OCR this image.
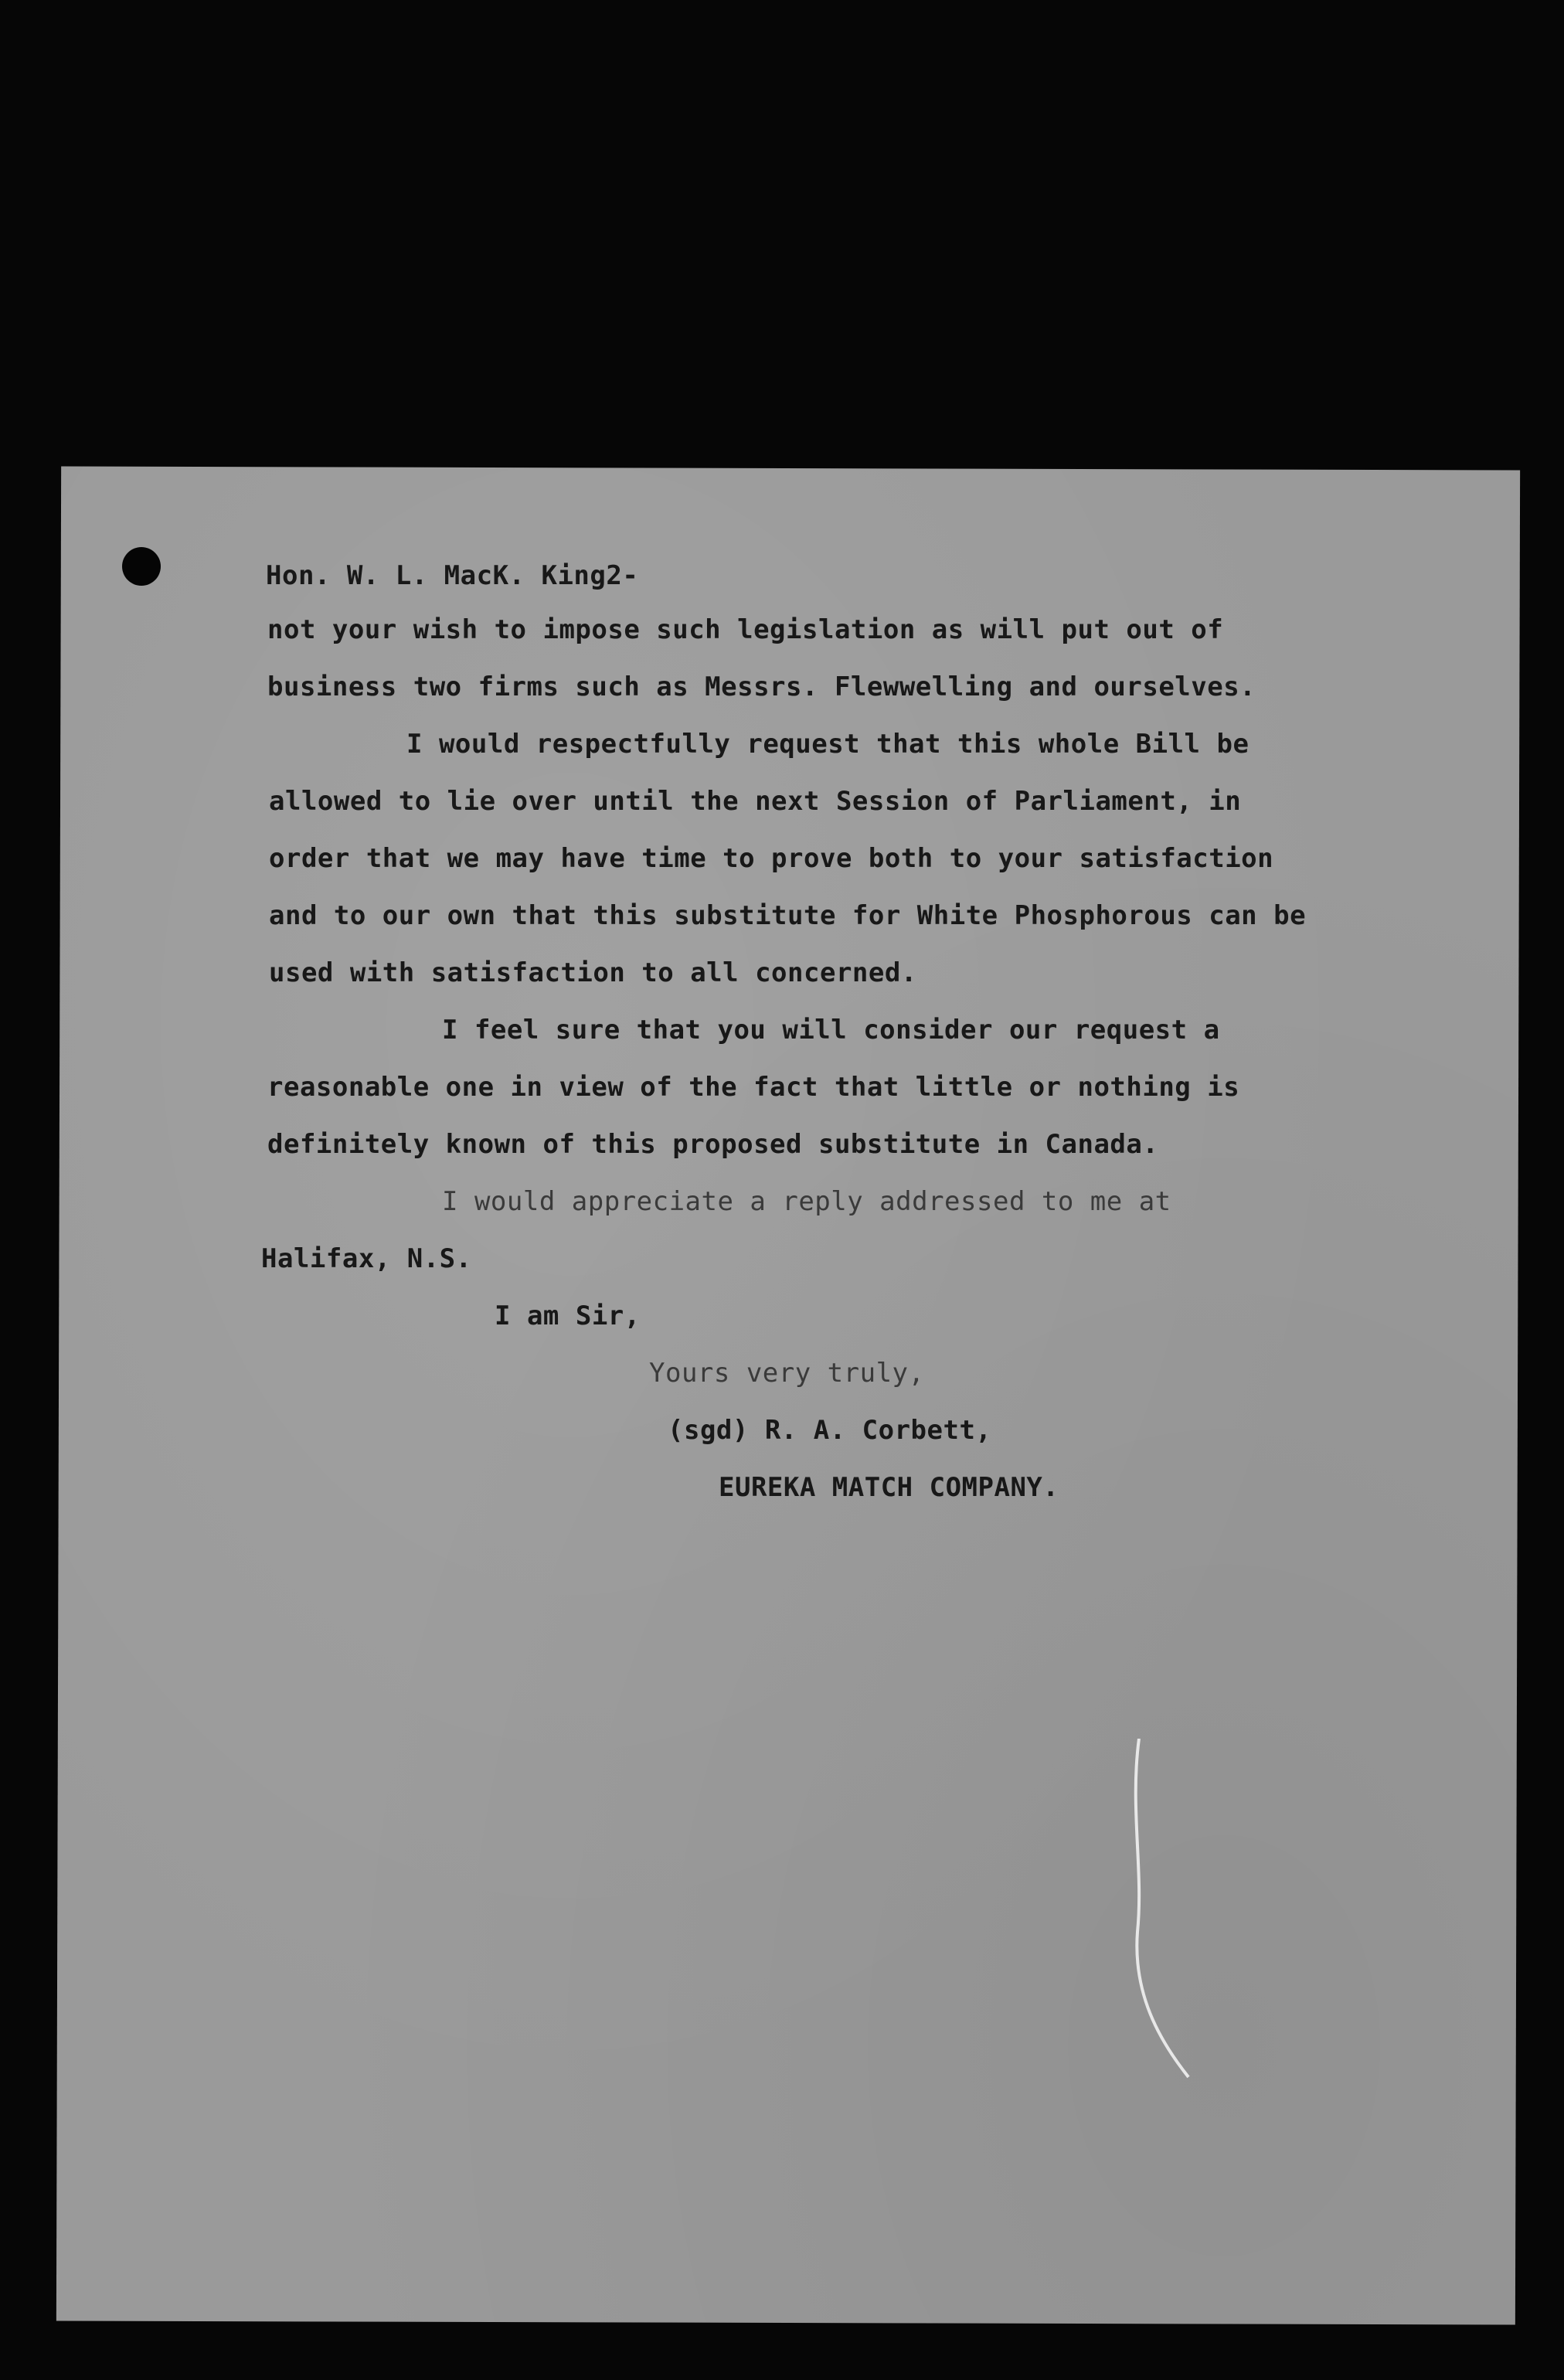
Hon. W. L. MacK. King2-
not your wish to impose such legislation as will put out of
business two firms such as Messrs. Flewwelling and ourselves.
I would respectfully request that this whole Bill be
allowed to lie over until the next Session of Parliament, in
order that we may have time to prove both to your satisfaction
and to our own that this substitute for White Phosphorous can be
used with satisfaction to all concerned.
I feel sure that you will consider our request a
reasonable one in view of the fact that little or nothing is
definitely known of this proposed substitute in Canada.
I would appreciate a reply addressed to me at
Halifax, N.S.
I am Sir,
Yours very truly,
(sgd) R. A. Corbett,
EUREKA MATCH COMPANY.
